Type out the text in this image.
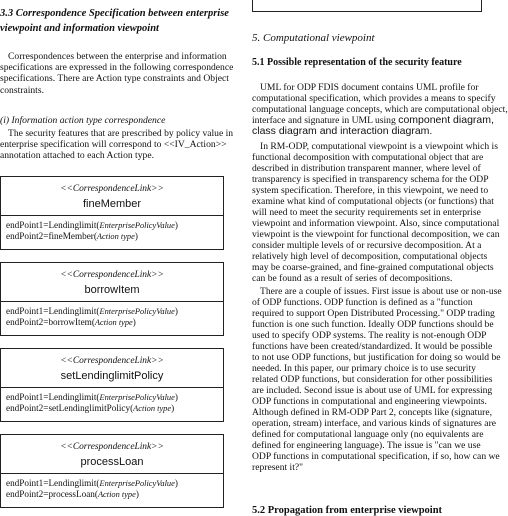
3.3 Correspondence Specification between enterprise
viewpoint and information viewpoint
Correspondences between the enterprise and information
specifications are expressed in the following correspondence
specifications. There are Action type constraints and Object
constraints.
(i) Information action type correspondence
The security features that are prescribed by policy value in
enterprise specification will correspond to <<IV_Action>>
annotation attached to each Action type.
<<CorrespondenceLink>>
fineMember
endPoint1=Lendinglimit(EnterprisePolicyValue)
endPoint2=fineMember(Action type)
<<CorrespondenceLink>>
borrowItem
endPoint1=Lendinglimit(EnterprisePolicyValue)
endPoint2=borrowItem(Action type)
<<CorrespondenceLink>>
setLendinglimitPolicy
endPoint1=Lendinglimit(EnterprisePolicyValue)
endPoint2=setLendinglimitPolicy(Action type)
<<CorrespondenceLink>>
processLoan
endPoint1=Lendinglimit(EnterprisePolicyValue)
endPoint2=processLoan(Action type)
5. Computational viewpoint
5.1 Possible representation of the security feature
UML for ODP FDIS document contains UML profile for
computational specification, which provides a means to specify
computational language concepts, which are computational object,
interface and signature in UML using component diagram,
class diagram and interaction diagram.
In RM-ODP, computational viewpoint is a viewpoint which is
functional decomposition with computational object that are
described in distribution transparent manner, where level of
transparency is specified in transparency schema for the ODP
system specification. Therefore, in this viewpoint, we need to
examine what kind of computational objects (or functions) that
will need to meet the security requirements set in enterprise
viewpoint and information viewpoint. Also, since computational
viewpoint is the viewpoint for functional decomposition, we can
consider multiple levels of or recursive decomposition. At a
relatively high level of decomposition, computational objects
may be coarse-grained, and fine-grained computational objects
can be found as a result of series of decompositions.
There are a couple of issues. First issue is about use or non-use
of ODP functions. ODP function is defined as a "function
required to support Open Distributed Processing." ODP trading
function is one such function. Ideally ODP functions should be
used to specify ODP systems. The reality is not-enough ODP
functions have been created/standardized. It would be possible
to not use ODP functions, but justification for doing so would be
needed. In this paper, our primary choice is to use security
related ODP functions, but consideration for other possibilities
are included. Second issue is about use of UML for expressing
ODP functions in computational and engineering viewpoints.
Although defined in RM-ODP Part 2, concepts like (signature,
operation, stream) interface, and various kinds of signatures are
defined for computational language only (no equivalents are
defined for engineering language). The issue is "can we use
ODP functions in computational specification, if so, how can we
represent it?"
5.2 Propagation from enterprise viewpoint
